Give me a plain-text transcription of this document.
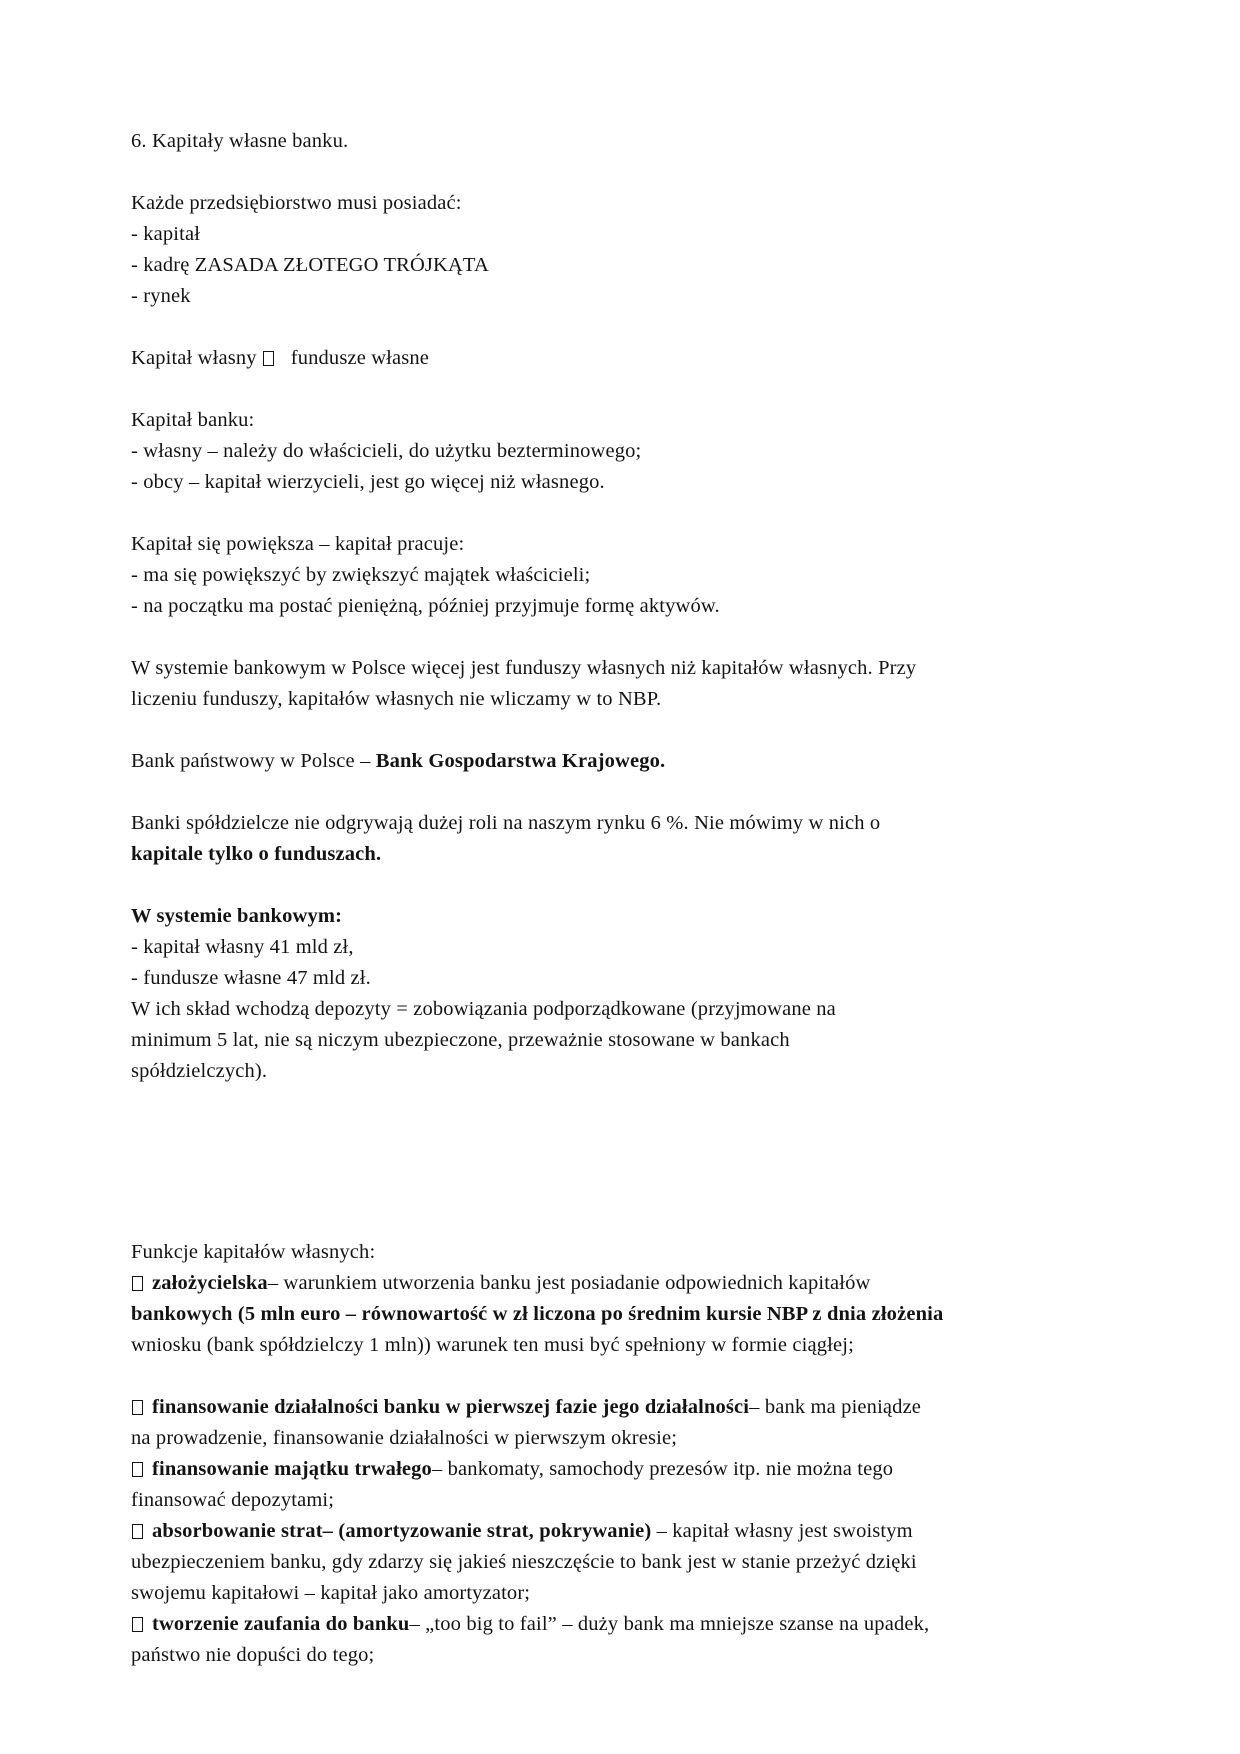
6. Kapitały własne banku.

Każde przedsiębiorstwo musi posiadać:
- kapitał
- kadrę ZASADA ZŁOTEGO TRÓJKĄTA
- rynek

Kapitał własny fundusze własne

Kapitał banku:
- własny – należy do właścicieli, do użytku bezterminowego;
- obcy – kapitał wierzycieli, jest go więcej niż własnego.

Kapitał się powiększa – kapitał pracuje:
- ma się powiększyć by zwiększyć majątek właścicieli;
- na początku ma postać pieniężną, później przyjmuje formę aktywów.

W systemie bankowym w Polsce więcej jest funduszy własnych niż kapitałów własnych. Przy
liczeniu funduszy, kapitałów własnych nie wliczamy w to NBP.

Bank państwowy w Polsce – Bank Gospodarstwa Krajowego.

Banki spółdzielcze nie odgrywają dużej roli na naszym rynku 6 %. Nie mówimy w nich o
kapitale tylko o funduszach.

W systemie bankowym:
- kapitał własny 41 mld zł,
- fundusze własne 47 mld zł.
W ich skład wchodzą depozyty = zobowiązania podporządkowane (przyjmowane na
minimum 5 lat, nie są niczym ubezpieczone, przeważnie stosowane w bankach
spółdzielczych).

Funkcje kapitałów własnych:

założycielska– warunkiem utworzenia banku jest posiadanie odpowiednich kapitałów
bankowych (5 mln euro – równowartość w zł liczona po średnim kursie NBP z dnia złożenia
wniosku (bank spółdzielczy 1 mln)) warunek ten musi być spełniony w formie ciągłej;

finansowanie działalności banku w pierwszej fazie jego działalności– bank ma pieniądze
na prowadzenie, finansowanie działalności w pierwszym okresie;

finansowanie majątku trwałego– bankomaty, samochody prezesów itp. nie można tego
finansować depozytami;

absorbowanie strat– (amortyzowanie strat, pokrywanie) – kapitał własny jest swoistym
ubezpieczeniem banku, gdy zdarzy się jakieś nieszczęście to bank jest w stanie przeżyć dzięki
swojemu kapitałowi – kapitał jako amortyzator;

tworzenie zaufania do banku– „too big to fail” – duży bank ma mniejsze szanse na upadek,
państwo nie dopuści do tego;
